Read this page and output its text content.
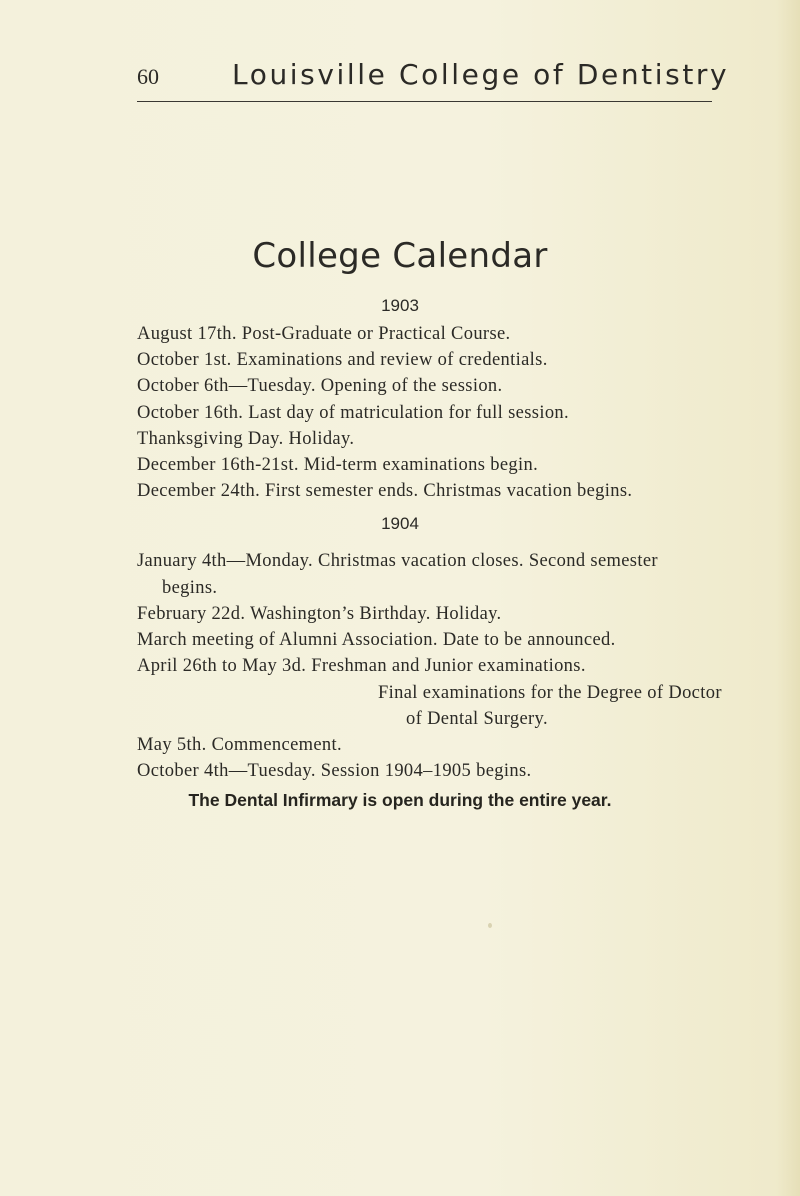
60	Louisville College of Dentistry
College Calendar
1903
August 17th. Post-Graduate or Practical Course.
October 1st. Examinations and review of credentials.
October 6th—Tuesday. Opening of the session.
October 16th. Last day of matriculation for full session.
Thanksgiving Day. Holiday.
December 16th-21st. Mid-term examinations begin.
December 24th. First semester ends. Christmas vacation begins.
1904
January 4th—Monday. Christmas vacation closes. Second semester
begins.
February 22d. Washington’s Birthday. Holiday.
March meeting of Alumni Association. Date to be announced.
April 26th to May 3d. Freshman and Junior examinations.
Final examinations for the Degree of Doctor
of Dental Surgery.
May 5th. Commencement.
The Dental Infirmary is open during the entire year.
October 4th—Tuesday. Session 1904–1905 begins.
